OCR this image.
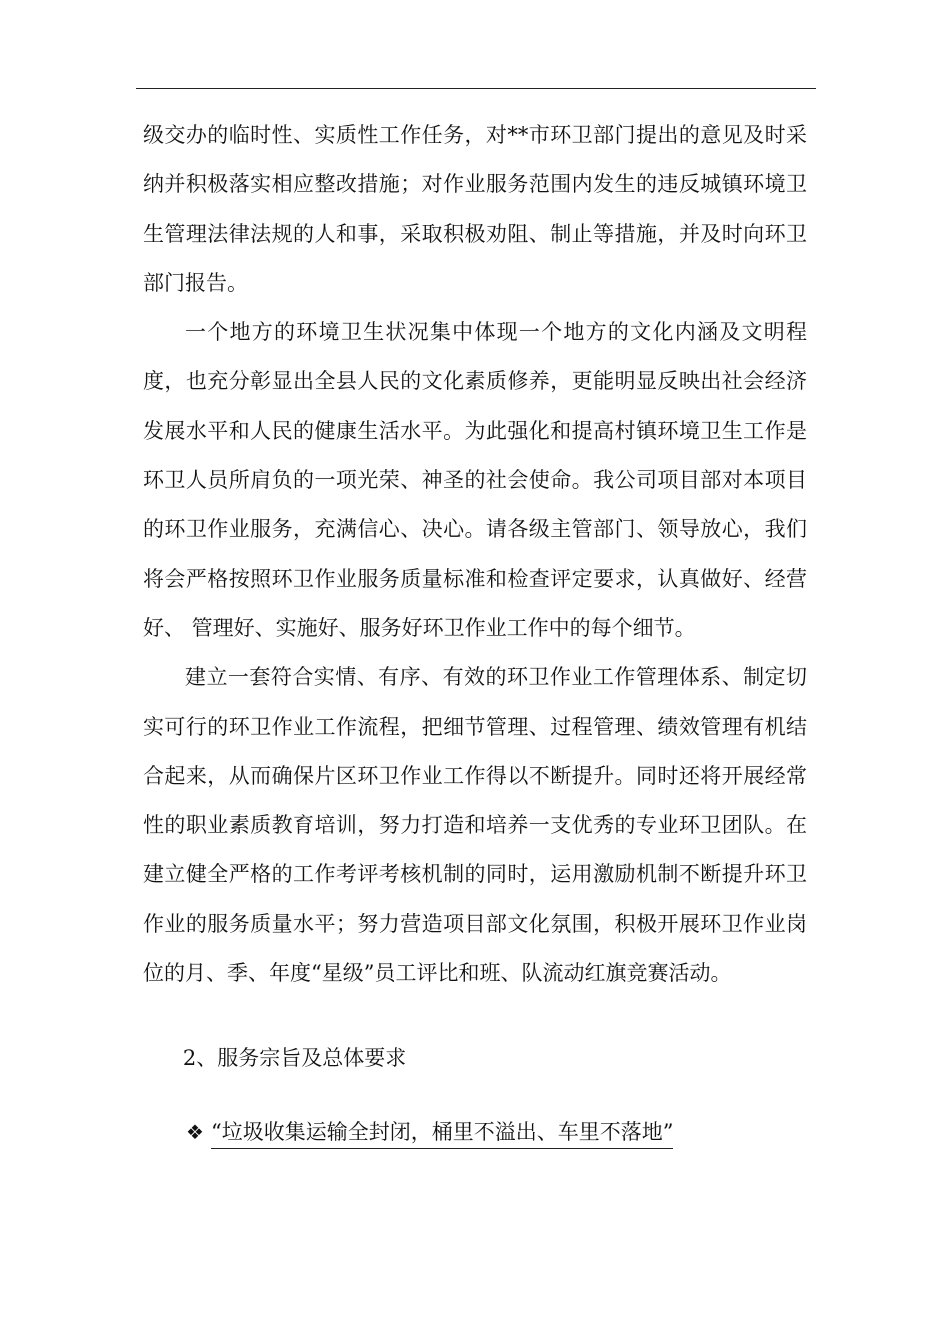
级交办的临时性、实质性工作任务，对**市环卫部门提出的意见及时采纳并积极落实相应整改措施；对作业服务范围内发生的违反城镇环境卫生管理法律法规的人和事，采取积极劝阻、制止等措施，并及时向环卫部门报告。

一个地方的环境卫生状况集中体现一个地方的文化内涵及文明程度，也充分彰显出全县人民的文化素质修养，更能明显反映出社会经济发展水平和人民的健康生活水平。为此强化和提高村镇环境卫生工作是环卫人员所肩负的一项光荣、神圣的社会使命。我公司项目部对本项目的环卫作业服务，充满信心、决心。请各级主管部门、领导放心，我们将会严格按照环卫作业服务质量标准和检查评定要求，认真做好、经营好、 管理好、实施好、服务好环卫作业工作中的每个细节。

建立一套符合实情、有序、有效的环卫作业工作管理体系、制定切实可行的环卫作业工作流程，把细节管理、过程管理、绩效管理有机结合起来，从而确保片区环卫作业工作得以不断提升。同时还将开展经常性的职业素质教育培训，努力打造和培养一支优秀的专业环卫团队。在建立健全严格的工作考评考核机制的同时，运用激励机制不断提升环卫作业的服务质量水平；努力营造项目部文化氛围，积极开展环卫作业岗位的月、季、年度“星级”员工评比和班、队流动红旗竞赛活动。

2、服务宗旨及总体要求

❖ “垃圾收集运输全封闭，桶里不溢出、车里不落地”
